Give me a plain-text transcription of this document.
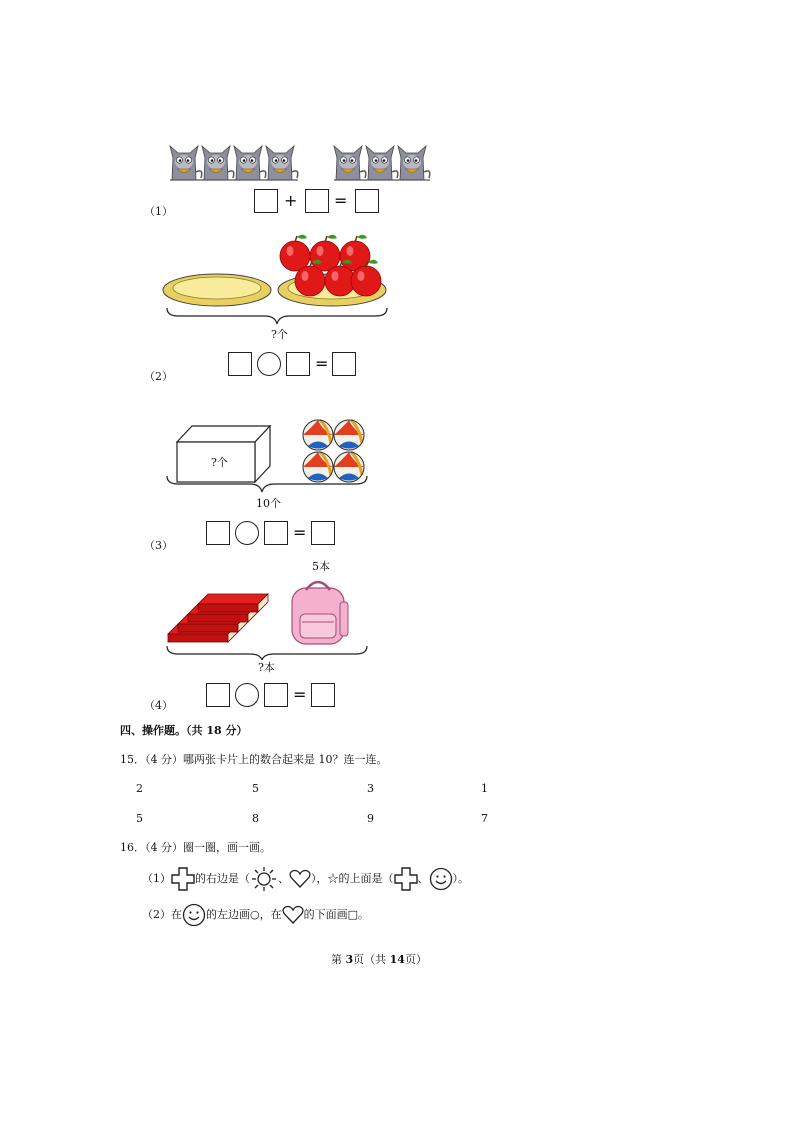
（1）
+ =
?个
（2）
=
?个
10个
（3）
=
5本
?本
（4）
=
四、操作题。（共 18 分）
15．（4 分）哪两张卡片上的数合起来是 10？连一连。
2	5	3	1
5	8	9	7
16．（4 分）圈一圈，画一画。
（1） 的右边是（	、 ），☆的上面是（ 、 ）。
（2）在 的左边画○，在 的下面画□。
第 3页（共 14页）
